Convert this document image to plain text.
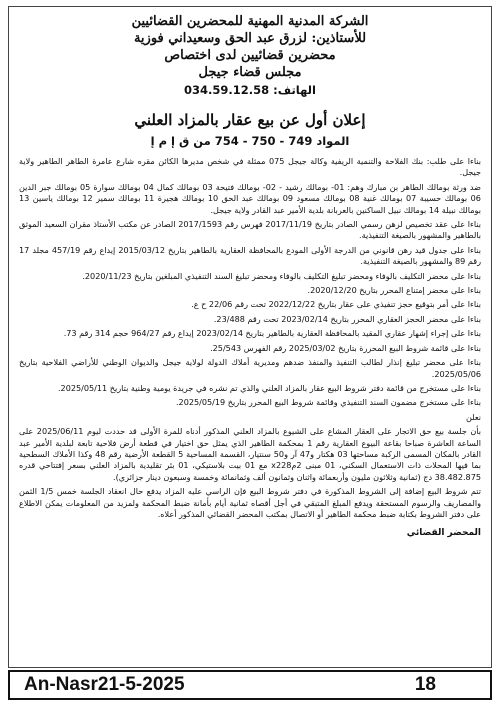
الشركة المدنية المهنية للمحضرين القضائيين

للأستاذين: لزرق عبد الحق وسعيداني فوزية

محضرين قضائيين لدى اختصاص

مجلس قضاء جيجل

الهاتف: 034.59.12.58
إعلان أول عن بيع عقار بالمزاد العلني
المواد 749 - 750 - 754 من ق إ م إ

بناءا على طلب: بنك الفلاحة والتنمية الريفية وكالة جيجل 075 ممثلة في شخص مديرها الكائن مقره شارع عامرة الطاهر الطاهير ولاية جيجل.

ضد ورثة بومالك الطاهر بن مبارك وهم: 01- بومالك رشيد - 02- بومالك فتيحة 03 بومالك كمال 04 بومالك سوارة 05 بومالك جبر الدين 06 بومالك حسيبة 07 بومالك غنية 08 بومالك مسعود 09 بومالك عبد الحق 10 بومالك هجيرة 11 بومالك سمير 12 بومالك ياسين 13 بومالك نبيلة 14 بومالك نبيل الساكنين بالعربانة بلدية الأمير عبد القادر ولاية جيجل.

بناءا على عقد تخصيص لرهن رسمي الصادر بتاريخ 2017/11/19 فهرس رقم 2017/1593 الصادر عن مكتب الأستاذ مقران السعيد الموثق بالطاهير والمشهور بالصيغة التنفيذية.

بناءا على جدول قيد رهن قانوني من الدرجة الأولى المودع بالمحافظة العقارية بالطاهير بتاريخ 2015/03/12 إيداع رقم 457/19 مجلد 17 رقم 89 والمشهور بالصيغة التنفيذية.

بناءا على محضر التكليف بالوفاء ومحضر تبليغ التكليف بالوفاء ومحضر تبليغ السند التنفيذي المبلغين بتاريخ 2020/11/23.

بناءا على محضر إمتناع المحرر بتاريخ 2020/12/20.

بناءا على أمر بتوقيع حجز تنفيذي على عقار بتاريخ 2022/12/22 تحت رقم 22/06 ح ع.

بناءا على محضر الحجز العقاري المحرر بتاريخ 2023/02/14 تحت رقم 23/488.

بناءا على إجراء إشهار عقاري المقيد بالمحافظة العقارية بالطاهير بتاريخ 2023/02/14 إيداع رقم 964/27 حجم 314 رقم 73.

بناءا على قائمة شروط البيع المحررة بتاريخ 2025/03/02 رقم الفهرس 25/543.

بناءا على محضر تبليغ إنذار لطالب التنفيذ والمنفذ ضدهم ومديرية أملاك الدولة لولاية جيجل والديوان الوطني للأراضي الفلاحية بتاريخ 2025/05/06.

بناءا على مستخرج من قائمة دفتر شروط البيع عقار بالمزاد العلني والذي تم نشره في جريدة يومية وطنية بتاريخ 2025/05/11.

بناءا على مستخرج مضمون السند التنفيذي وقائمة شروط البيع المحرر بتاريخ 2025/05/19.

نعلن

بأن جلسة بيع حق الاتجار على العقار المشاع على الشيوع بالمزاد العلني المذكور أدناه للمرة الأولى قد حددت ليوم 2025/06/11 على الساعة العاشرة صباحا بقاعة البيوع العقارية رقم 1 بمحكمة الطاهير الذي يمثل حق اختيار في قطعة أرض فلاحية تابعة لبلدية الأمير عبد القادر بالمكان المسمى الركبة مساحتها 03 هكتار و47 آر و50 سنتيار، القسمة المساحية 5 القطعة الأرضية رقم 48 وكذا الأملاك السطحية بما فيها المحلات ذات الاستعمال السكني، 01 مبنى 2مx228 مع 01 بيت بلاستيكي، 01 بئر تقليدية بالمزاد العلني بسعر إفتتاحي قدره 38.482.875 دج (ثمانية وثلاثون مليون وأربعمائة واثنان وثمانون ألف وثمانمائة وخمسة وسبعون دينار جزائري).

تتم شروط البيع إضافة إلى الشروط المذكورة في دفتر شروط البيع فإن الراسي عليه المزاد يدفع حال انعقاد الجلسة خمس 1/5 الثمن والمصاريف والرسوم المستحقة ويدفع المبلغ المتبقي في أجل أقصاه ثمانية أيام بأمانة ضبط المحكمة ولمزيد من المعلومات يمكن الاطلاع على دفتر الشروط بكتابة ضبط محكمة الطاهير أو الاتصال بمكتب المحضر القضائي المذكور أعلاه.

المحضر القضائي
An-Nasr21-5-2025	18
